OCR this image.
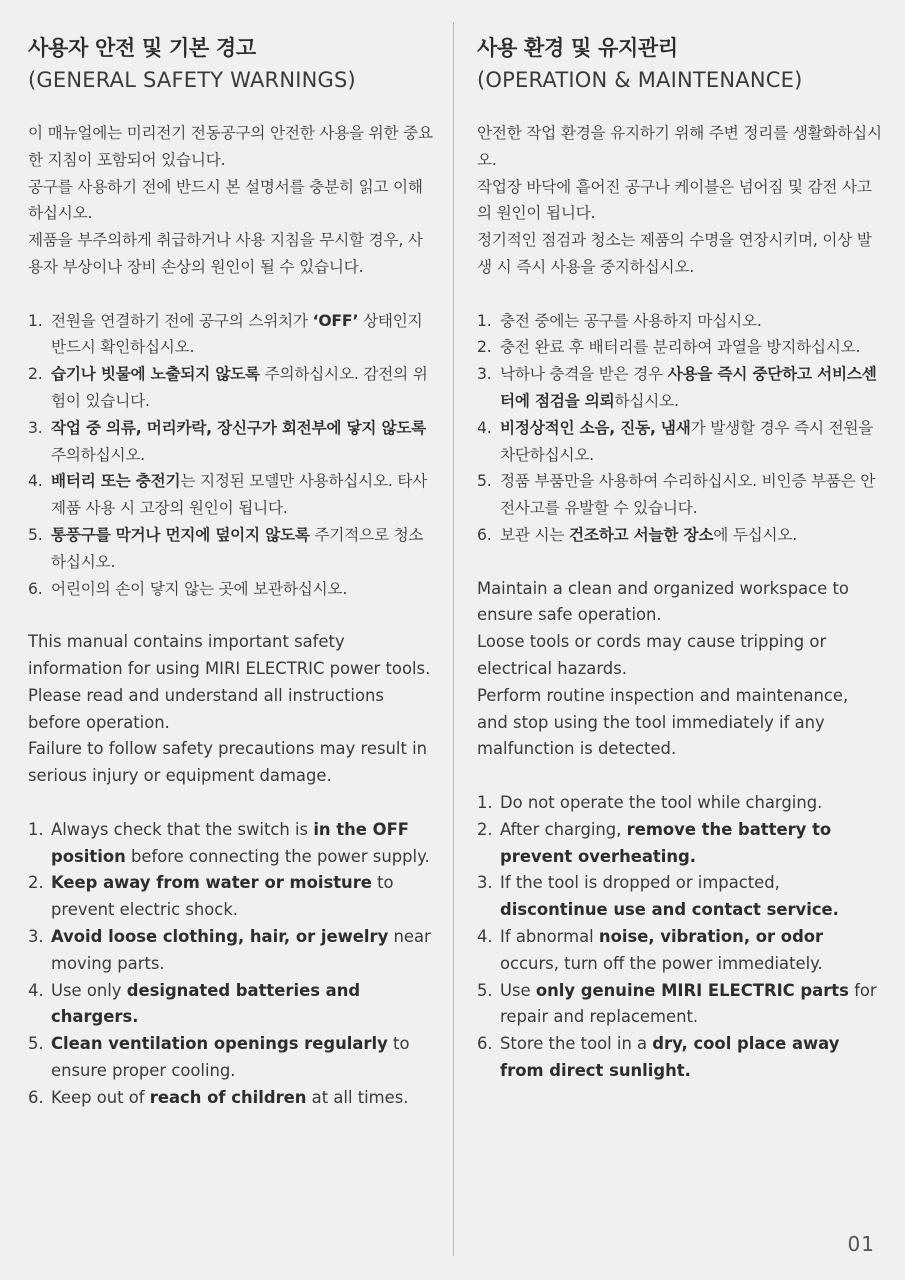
사용자 안전 및 기본 경고
(GENERAL SAFETY WARNINGS)

이 매뉴얼에는 미리전기 전동공구의 안전한 사용을 위한 중요한 지침이 포함되어 있습니다.

공구를 사용하기 전에 반드시 본 설명서를 충분히 읽고 이해하십시오.

제품을 부주의하게 취급하거나 사용 지침을 무시할 경우, 사용자 부상이나 장비 손상의 원인이 될 수 있습니다.

1. 전원을 연결하기 전에 공구의 스위치가 ‘OFF’ 상태인지 반드시 확인하십시오.
2. 습기나 빗물에 노출되지 않도록 주의하십시오. 감전의 위험이 있습니다.
3. 작업 중 의류, 머리카락, 장신구가 회전부에 닿지 않도록 주의하십시오.
4. 배터리 또는 충전기는 지정된 모델만 사용하십시오. 타사 제품 사용 시 고장의 원인이 됩니다.
5. 통풍구를 막거나 먼지에 덮이지 않도록 주기적으로 청소하십시오.
6. 어린이의 손이 닿지 않는 곳에 보관하십시오.

This manual contains important safety information for using MIRI ELECTRIC power tools.

Please read and understand all instructions before operation.

Failure to follow safety precautions may result in serious injury or equipment damage.

1. Always check that the switch is in the OFF position before connecting the power supply.
2. Keep away from water or moisture to prevent electric shock.
3. Avoid loose clothing, hair, or jewelry near moving parts.
4. Use only designated batteries and chargers.
5. Clean ventilation openings regularly to ensure proper cooling.
6. Keep out of reach of children at all times.
사용 환경 및 유지관리
(OPERATION & MAINTENANCE)

안전한 작업 환경을 유지하기 위해 주변 정리를 생활화하십시오.

작업장 바닥에 흩어진 공구나 케이블은 넘어짐 및 감전 사고의 원인이 됩니다.

정기적인 점검과 청소는 제품의 수명을 연장시키며, 이상 발생 시 즉시 사용을 중지하십시오.

1. 충전 중에는 공구를 사용하지 마십시오.
2. 충전 완료 후 배터리를 분리하여 과열을 방지하십시오.
3. 낙하나 충격을 받은 경우 사용을 즉시 중단하고 서비스센터에 점검을 의뢰하십시오.
4. 비정상적인 소음, 진동, 냄새가 발생할 경우 즉시 전원을 차단하십시오.
5. 정품 부품만을 사용하여 수리하십시오. 비인증 부품은 안전사고를 유발할 수 있습니다.
6. 보관 시는 건조하고 서늘한 장소에 두십시오.

Maintain a clean and organized workspace to ensure safe operation.

Loose tools or cords may cause tripping or electrical hazards.

Perform routine inspection and maintenance, and stop using the tool immediately if any malfunction is detected.

1. Do not operate the tool while charging.
2. After charging, remove the battery to prevent overheating.
3. If the tool is dropped or impacted, discontinue use and contact service.
4. If abnormal noise, vibration, or odor occurs, turn off the power immediately.
5. Use only genuine MIRI ELECTRIC parts for repair and replacement.
6. Store the tool in a dry, cool place away from direct sunlight.
01
